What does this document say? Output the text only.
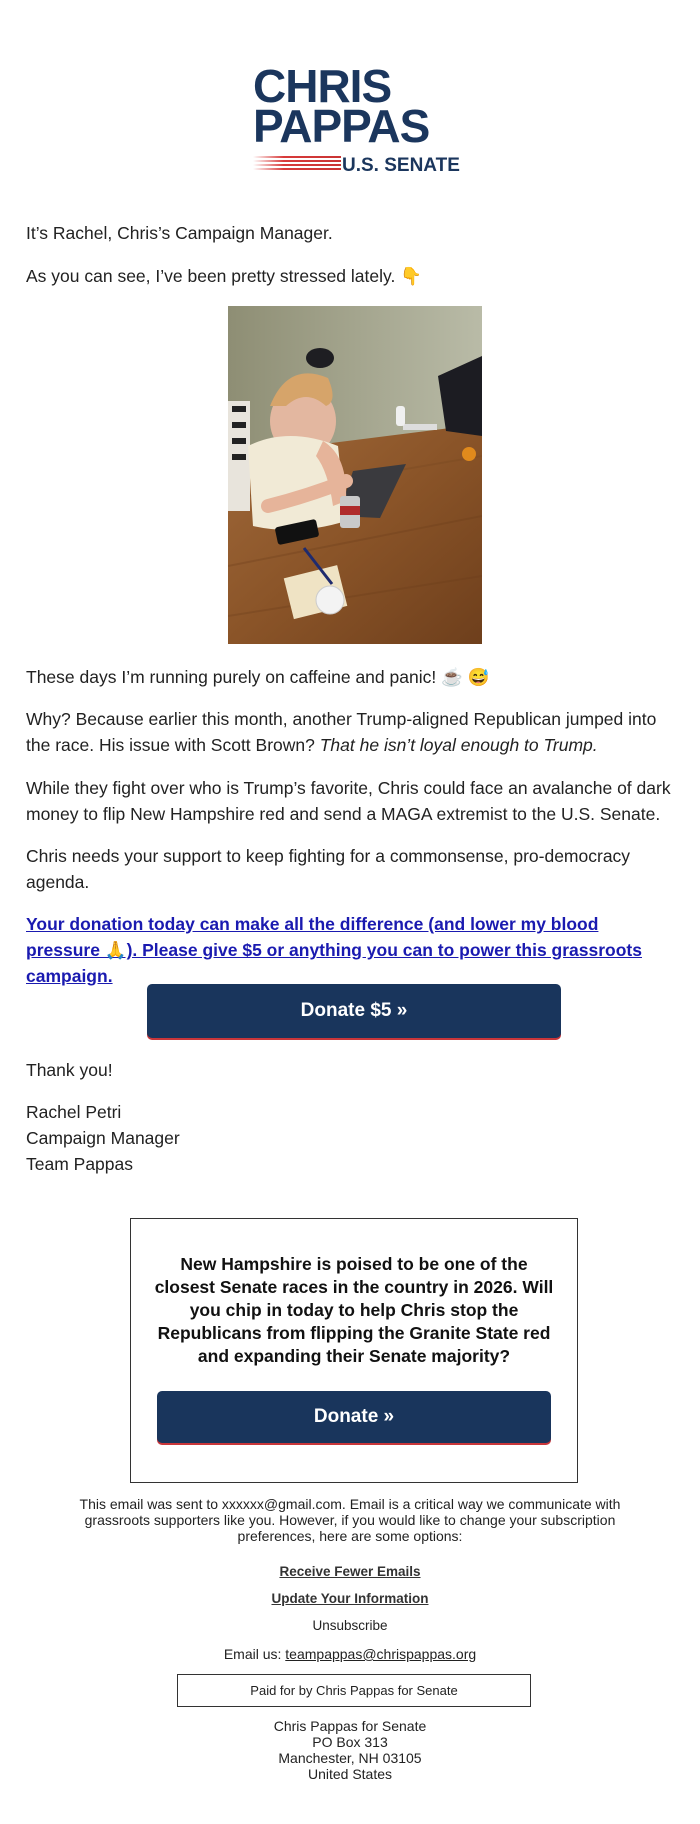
CHRIS
PAPPAS
U.S. SENATE
It’s Rachel, Chris’s Campaign Manager.
As you can see, I’ve been pretty stressed lately. 👇
These days I’m running purely on caffeine and panic! ☕ 😅
Why? Because earlier this month, another Trump-aligned Republican jumped into the race. His issue with Scott Brown? That he isn’t loyal enough to Trump.
While they fight over who is Trump’s favorite, Chris could face an avalanche of dark money to flip New Hampshire red and send a MAGA extremist to the U.S. Senate.
Chris needs your support to keep fighting for a commonsense, pro-democracy agenda.
Your donation today can make all the difference (and lower my blood pressure 🙏). Please give $5 or anything you can to power this grassroots campaign.
Donate $5 »
Thank you!
Rachel Petri
Campaign Manager
Team Pappas
New Hampshire is poised to be one of the closest Senate races in the country in 2026. Will you chip in today to help Chris stop the Republicans from flipping the Granite State red and expanding their Senate majority?
Donate »
This email was sent to xxxxxx@gmail.com. Email is a critical way we communicate with grassroots supporters like you. However, if you would like to change your subscription preferences, here are some options:
Receive Fewer Emails
Update Your Information
Unsubscribe
Email us: teampappas@chrispappas.org
Paid for by Chris Pappas for Senate
Chris Pappas for Senate
PO Box 313
Manchester, NH 03105
United States
